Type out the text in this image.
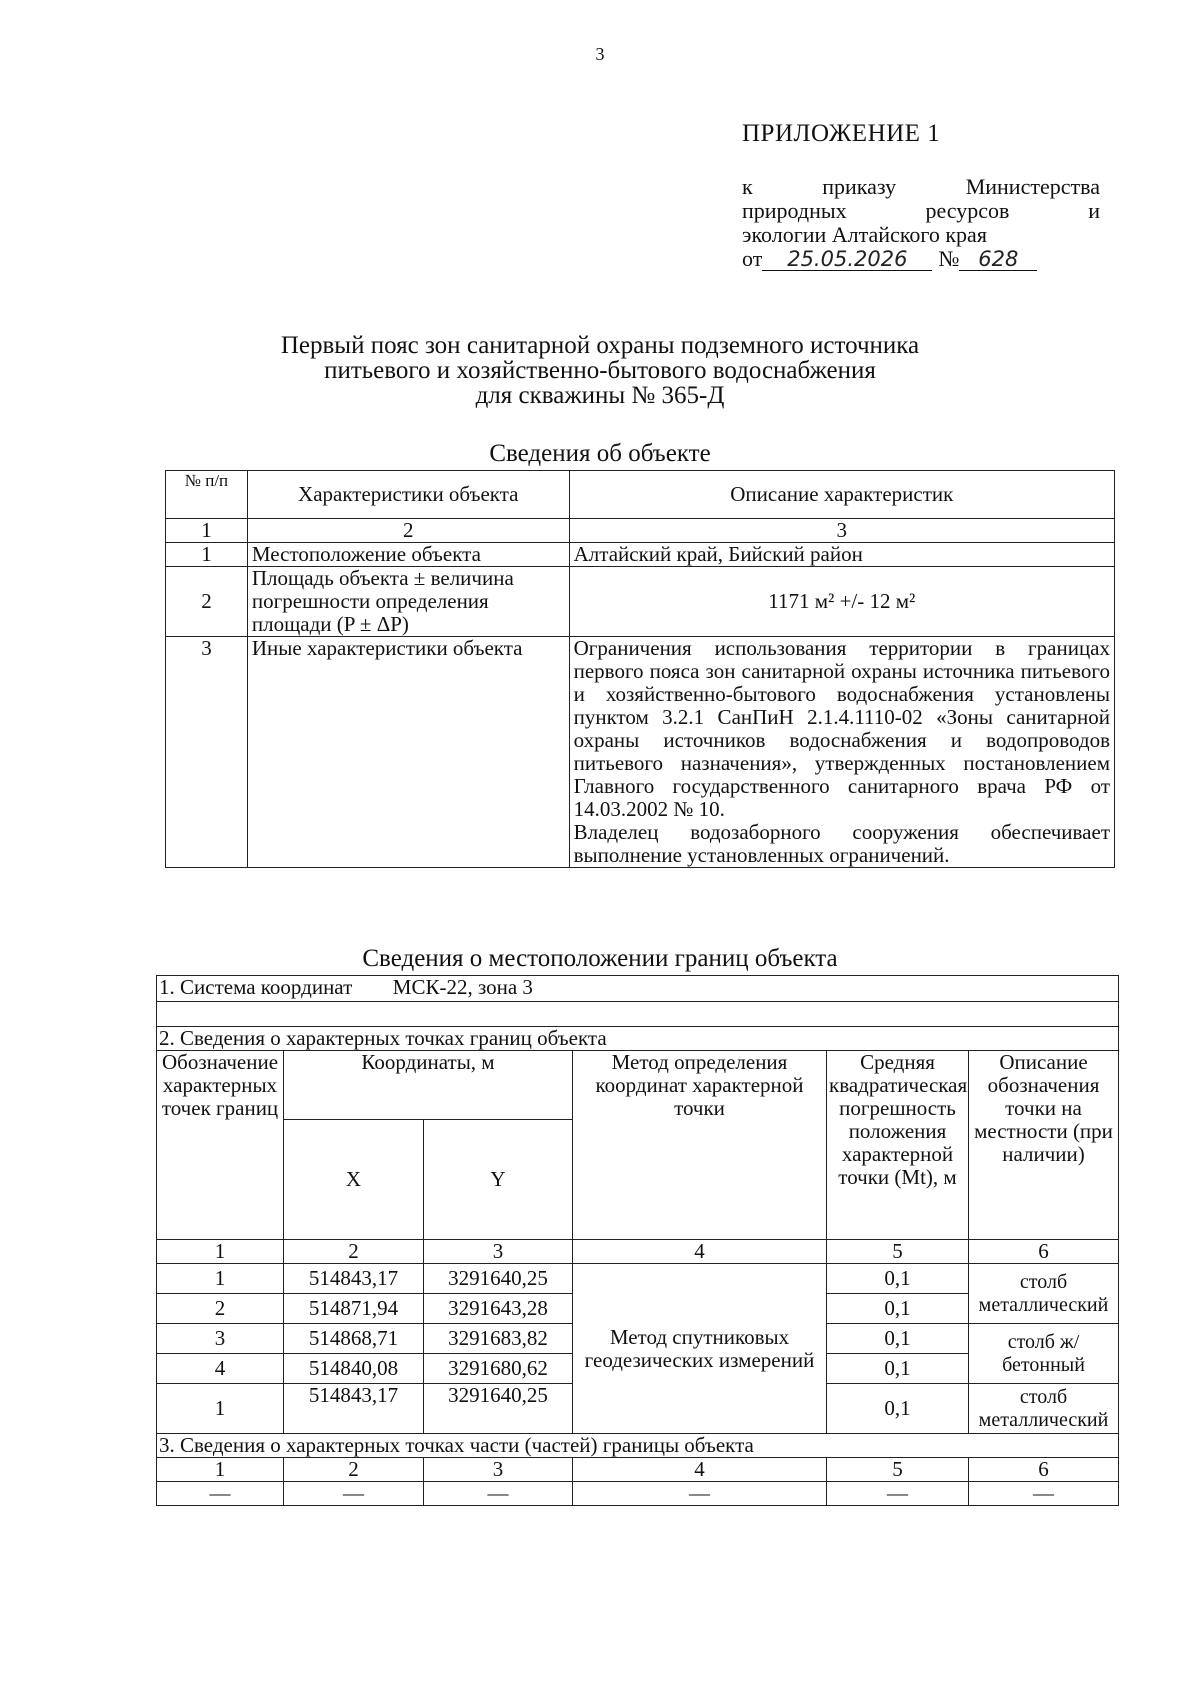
3
ПРИЛОЖЕНИЕ 1
к	приказу	Министерства
природных	ресурсов	и
экологии Алтайского края
от	25.05.2026	№ 628
Первый пояс зон санитарной охраны подземного источника
питьевого и хозяйственно-бытового водоснабжения
для скважины № 365-Д
Сведения об объекте
№ п/п	Характеристики объекта	Описание характеристик
1	2	3
1	Местоположение объекта	Алтайский край, Бийский район
2	Площадь объекта ± величина погрешности определения площади (P ± ΔP)	1171 м² +/- 12 м²
3	Иные характеристики объекта	Ограничения использования территории в границах первого пояса зон санитарной охраны источника питьевого и хозяйственно-бытового водоснабжения установлены пунктом 3.2.1 СанПиН 2.1.4.1110-02 «Зоны санитарной охраны источников водоснабжения и водопроводов питьевого назначения», утвержденных постановлением Главного государственного санитарного врача РФ от 14.03.2002 № 10.
Владелец водозаборного сооружения обеспечивает выполнение установленных ограничений.
Сведения о местоположении границ объекта
1. Система координат МСК-22, зона 3					

2. Сведения о характерных точках границ объекта					
Обозначение характерных точек границ	Координаты, м		Метод определения координат характерной точки	Средняя квадратическая погрешность положения характерной точки (Mt), м	Описание обозначения точки на местности (при наличии)
	X	Y			
1	2	3	4	5	6
1	514843,17	3291640,25	Метод спутниковых геодезических измерений	0,1	столб металлический
2	514871,94	3291643,28		0,1	
3	514868,71	3291683,82		0,1	столб ж/бетонный
4	514840,08	3291680,62		0,1	
1	514843,17	3291640,25		0,1	столб металлический
3. Сведения о характерных точках части (частей) границы объекта					
1	2	3	4	5	6
—	—	—	—	—	—
